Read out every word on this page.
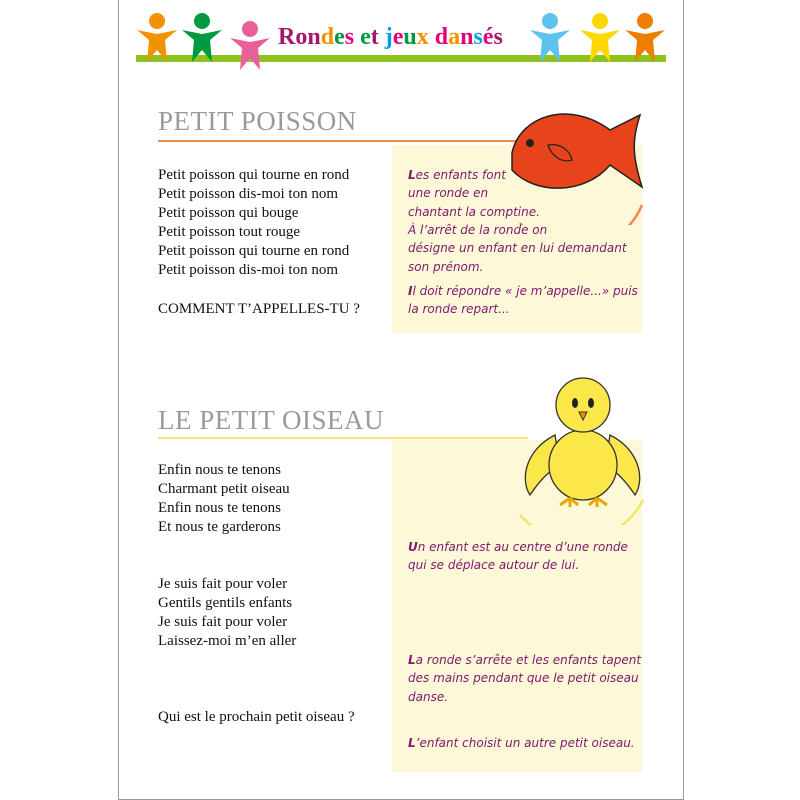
Rondes et jeux dansés
PETIT POISSON
Petit poisson qui tourne en rond
Petit poisson dis-moi ton nom
Petit poisson qui bouge
Petit poisson tout rouge
Petit poisson qui tourne en rond
Petit poisson dis-moi ton nom
COMMENT T’APPELLES-TU ?
Les enfants font
une ronde en
chantant la comptine.
À l’arrêt de la ronde on
désigne un enfant en lui demandant
son prénom.
Il doit répondre « je m’appelle...» puis
la ronde repart...
LE PETIT OISEAU
Enfin nous te tenons
Charmant petit oiseau
Enfin nous te tenons
Et nous te garderons
Je suis fait pour voler
Gentils gentils enfants
Je suis fait pour voler
Laissez-moi m’en aller
Qui est le prochain petit oiseau ?
Un enfant est au centre d’une ronde
qui se déplace autour de lui.
La ronde s’arrête et les enfants tapent
des mains pendant que le petit oiseau
danse.
L’enfant choisit un autre petit oiseau.
